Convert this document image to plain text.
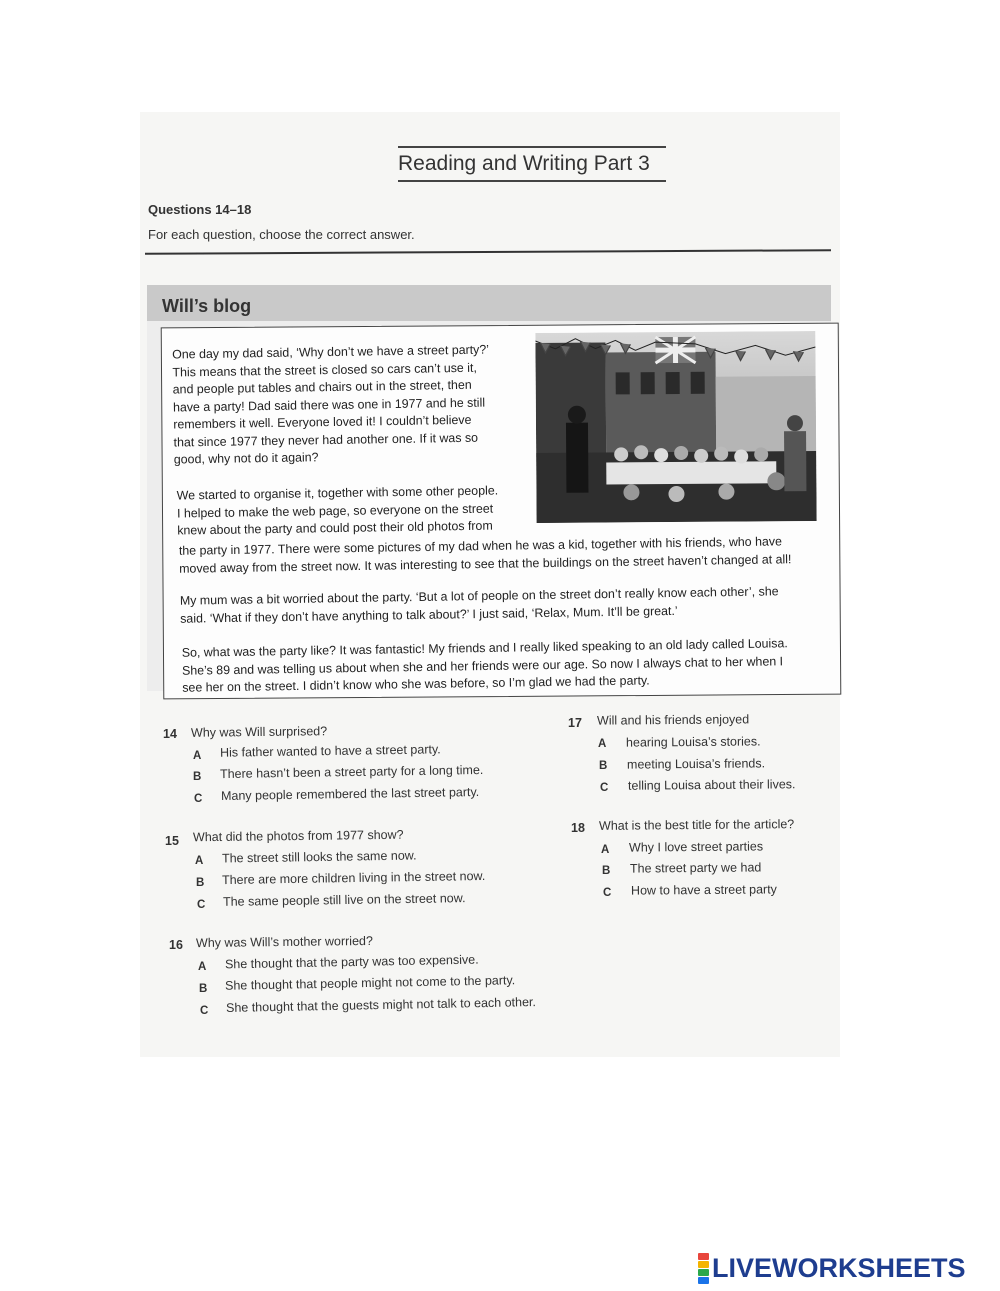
Reading and Writing Part 3
Questions 14–18
For each question, choose the correct answer.
Will’s blog
One day my dad said, ‘Why don’t we have a street party?’
This means that the street is closed so cars can’t use it,
and people put tables and chairs out in the street, then
have a party! Dad said there was one in 1977 and he still
remembers it well. Everyone loved it! I couldn’t believe
that since 1977 they never had another one. If it was so
good, why not do it again?
We started to organise it, together with some other people.
I helped to make the web page, so everyone on the street
knew about the party and could post their old photos from
the party in 1977. There were some pictures of my dad when he was a kid, together with his friends, who have
moved away from the street now. It was interesting to see that the buildings on the street haven’t changed at all!
My mum was a bit worried about the party. ‘But a lot of people on the street don’t really know each other’, she
said. ‘What if they don’t have anything to talk about?’ I just said, ‘Relax, Mum. It’ll be great.’
So, what was the party like? It was fantastic! My friends and I really liked speaking to an old lady called Louisa.
She’s 89 and was telling us about when she and her friends were our age. So now I always chat to her when I
see her on the street. I didn’t know who she was before, so I’m glad we had the party.
14 Why was Will surprised?
A His father wanted to have a street party.
B There hasn’t been a street party for a long time.
C Many people remembered the last street party.
15 What did the photos from 1977 show?
A The street still looks the same now.
B There are more children living in the street now.
C The same people still live on the street now.
16 Why was Will’s mother worried?
A She thought that the party was too expensive.
B She thought that people might not come to the party.
C She thought that the guests might not talk to each other.
17 Will and his friends enjoyed
A hearing Louisa’s stories.
B meeting Louisa’s friends.
C telling Louisa about their lives.
18 What is the best title for the article?
A Why I love street parties
B The street party we had
C How to have a street party
LIVEWORKSHEETS
